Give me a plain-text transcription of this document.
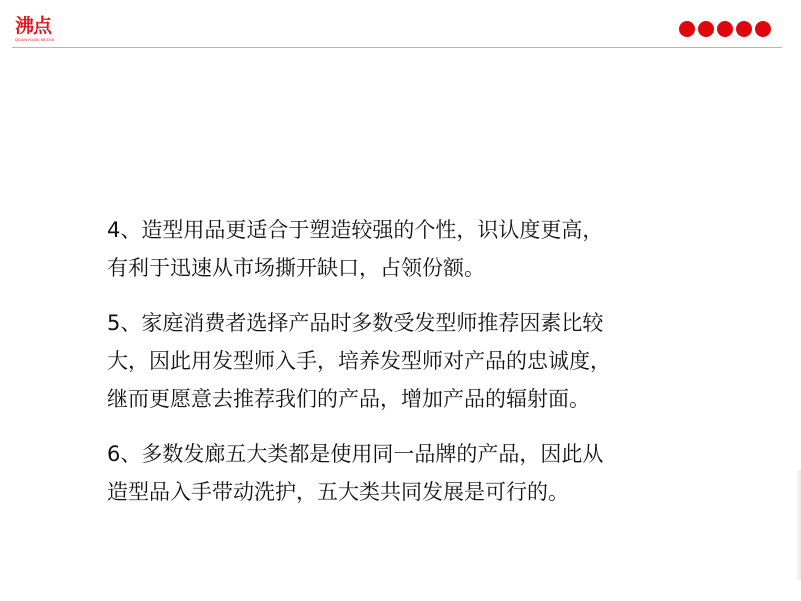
沸点
QUANYUAN MEDIA

4、造型用品更适合于塑造较强的个性，识认度更高，
有利于迅速从市场撕开缺口，占领份额。

5、家庭消费者选择产品时多数受发型师推荐因素比较
大，因此用发型师入手，培养发型师对产品的忠诚度，
继而更愿意去推荐我们的产品，增加产品的辐射面。

6、多数发廊五大类都是使用同一品牌的产品，因此从
造型品入手带动洗护，五大类共同发展是可行的。
